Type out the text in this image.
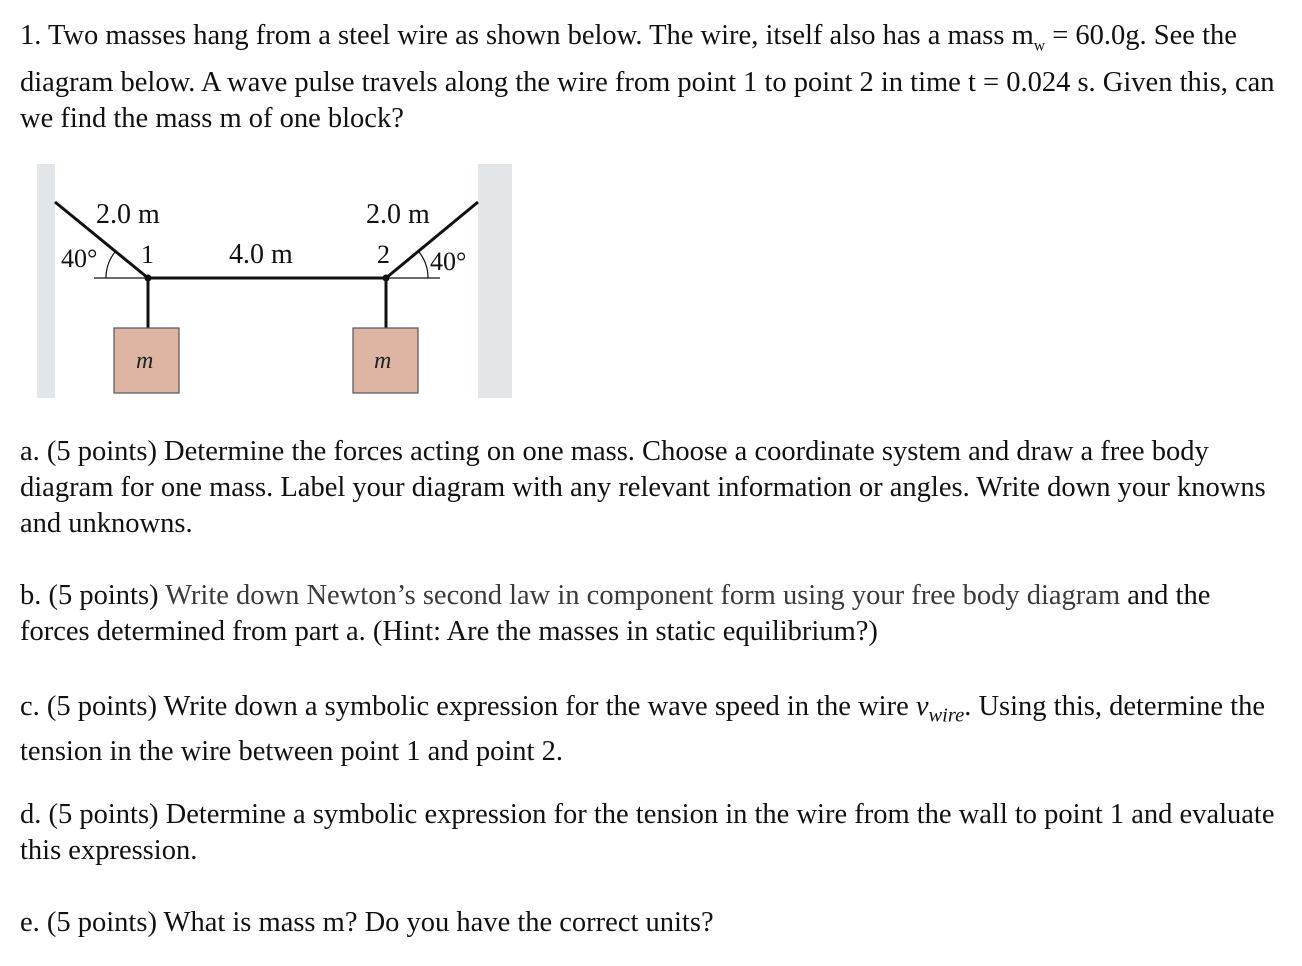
1. Two masses hang from a steel wire as shown below. The wire, itself also has a mass $m_w = 60.0g$. See the diagram below. A wave pulse travels along the wire from point 1 to point 2 in time t = 0.024 s. Given this, can we find the mass m of one block?

2.0 m	2.0 m
4.0 m
40°	40°
1	2
m	m

a. (5 points) Determine the forces acting on one mass. Choose a coordinate system and draw a free body diagram for one mass. Label your diagram with any relevant information or angles. Write down your knowns and unknowns.

b. (5 points) Write down Newton’s second law in component form using your free body diagram and the forces determined from part a. (Hint: Are the masses in static equilibrium?)

c. (5 points) Write down a symbolic expression for the wave speed in the wire $v_{wire}$. Using this, determine the tension in the wire between point 1 and point 2.

d. (5 points) Determine a symbolic expression for the tension in the wire from the wall to point 1 and evaluate this expression.

e. (5 points) What is mass m? Do you have the correct units?
